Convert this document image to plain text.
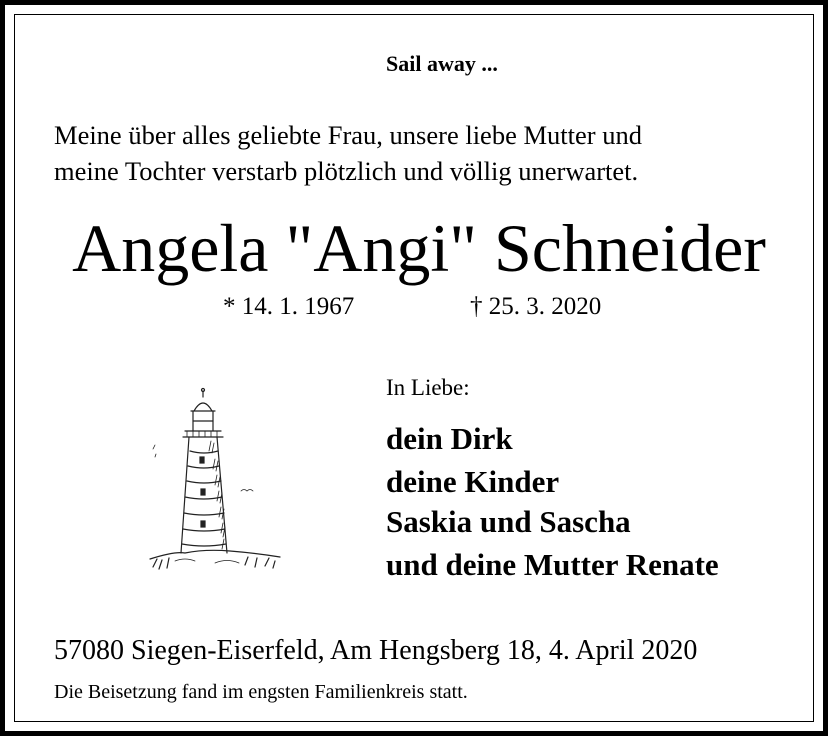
Sail away ...
Meine über alles geliebte Frau, unsere liebe Mutter und
meine Tochter verstarb plötzlich und völlig unerwartet.
Angela "Angi" Schneider
* 14. 1. 1967	† 25. 3. 2020
In Liebe:
dein Dirk
deine Kinder
Saskia und Sascha
und deine Mutter Renate
57080 Siegen-Eiserfeld, Am Hengsberg 18, 4. April 2020
Die Beisetzung fand im engsten Familienkreis statt.
